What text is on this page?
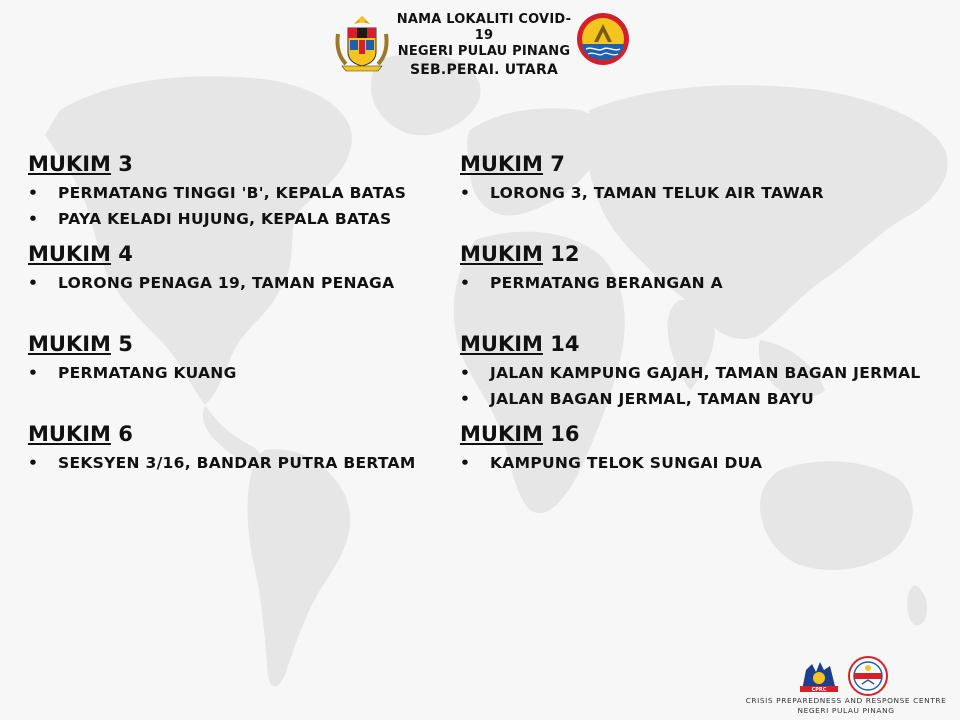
NAMA LOKALITI COVID-19
NEGERI PULAU PINANG
SEB.PERAI. UTARA
MUKIM 3
• PERMATANG TINGGI 'B', KEPALA BATAS
• PAYA KELADI HUJUNG, KEPALA BATAS
MUKIM 4
• LORONG PENAGA 19, TAMAN PENAGA
MUKIM 5
• PERMATANG KUANG
MUKIM 6
• SEKSYEN 3/16, BANDAR PUTRA BERTAM
MUKIM 7
• LORONG 3, TAMAN TELUK AIR TAWAR
MUKIM 12
• PERMATANG BERANGAN A
MUKIM 14
• JALAN KAMPUNG GAJAH, TAMAN BAGAN JERMAL
• JALAN BAGAN JERMAL, TAMAN BAYU
MUKIM 16
• KAMPUNG TELOK SUNGAI DUA
CPRC
CRISIS PREPAREDNESS AND RESPONSE CENTRE
NEGERI PULAU PINANG
